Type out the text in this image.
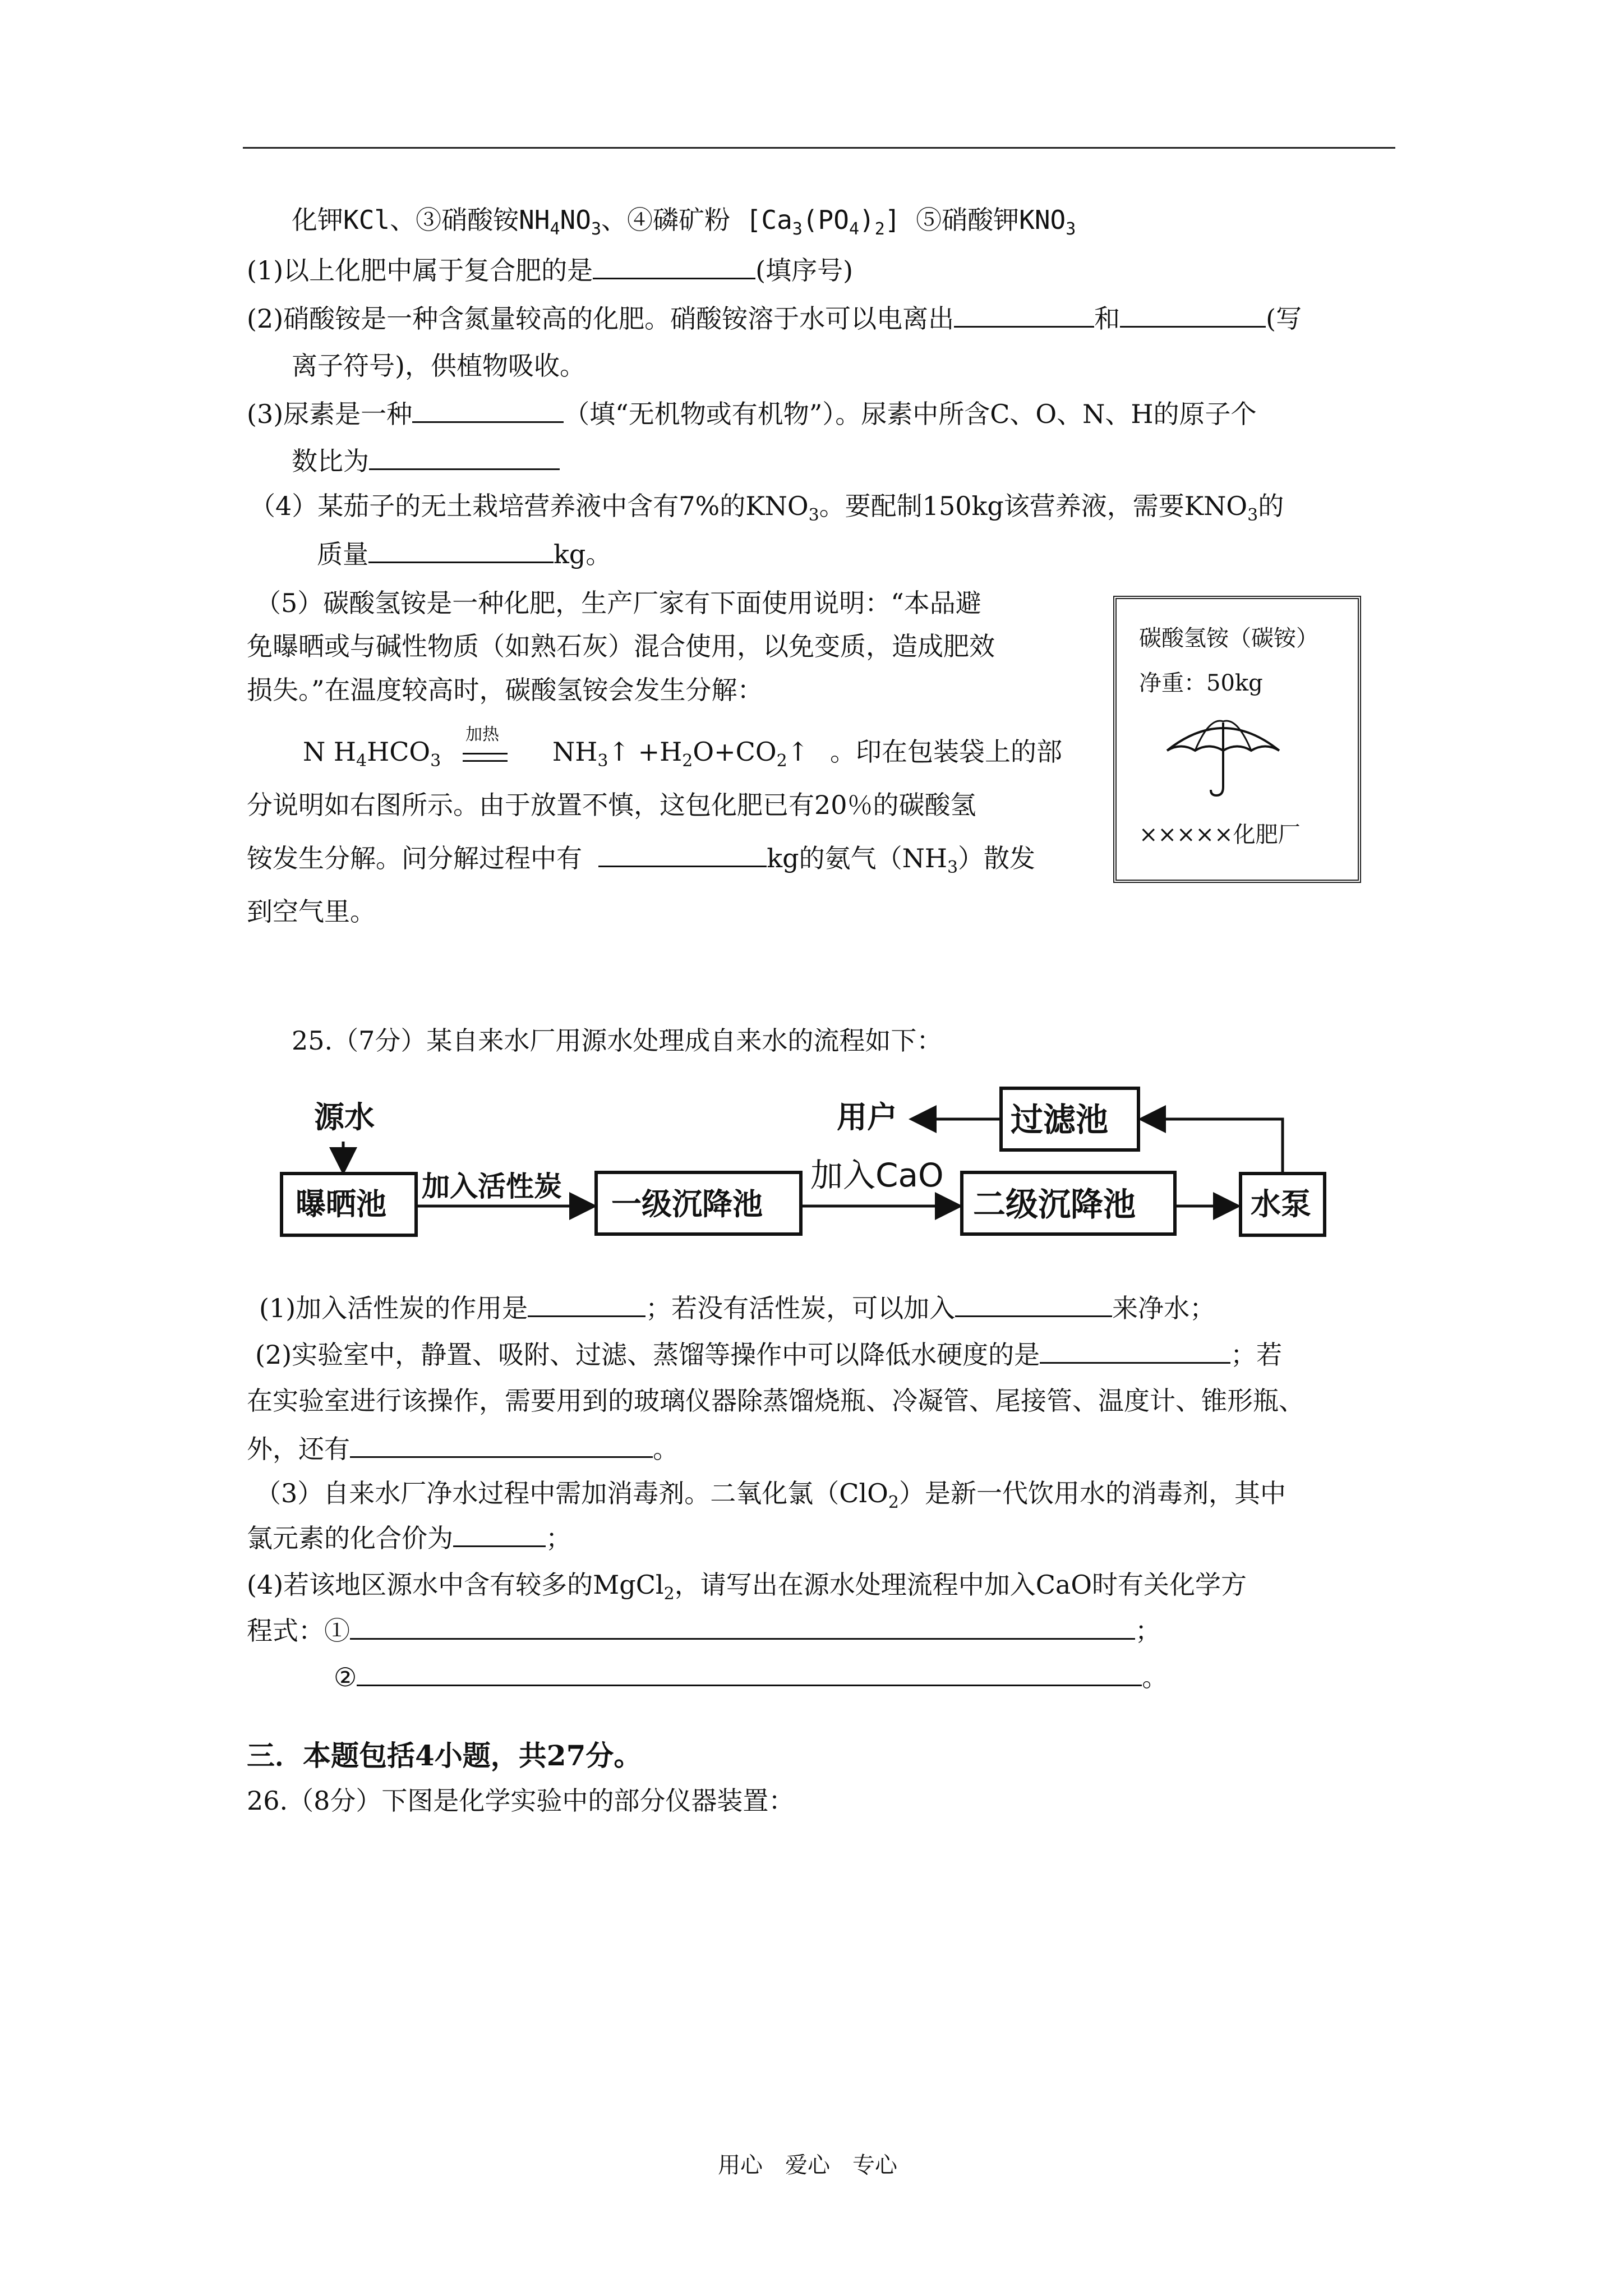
化钾KCl、③硝酸铵$NH_4NO_3$、④磷矿粉 $[Ca_3(PO_4)_2]$ ⑤硝酸钾$KNO_3$
(1)以上化肥中属于复合肥的是	(填序号)
(2)硝酸铵是一种含氮量较高的化肥。硝酸铵溶于水可以电离出	和	(写
离子符号)，供植物吸收。
(3)尿素是一种	（填“无机物或有机物”）。尿素中所含C、O、N、H的原子个
数比为
（4）某茄子的无土栽培营养液中含有7%的$KNO_3$。要配制150kg该营养液，需要$KNO_3$的
质量	kg。
（5）碳酸氢铵是一种化肥，生产厂家有下面使用说明：“本品避
免曝晒或与碱性物质（如熟石灰）混合使用，以免变质，造成肥效
损失。”在温度较高时，碳酸氢铵会发生分解：
N $H_4HCO_3$
加热
$NH_3↑$ $+H_2O+CO_2↑$ 。印在包装袋上的部
分说明如右图所示。由于放置不慎，这包化肥已有20％的碳酸氢
铵发生分解。问分解过程中有	kg的氨气$(NH_3)$散发
到空气里。
碳酸氢铵（碳铵）
净重：50kg
×××××化肥厂
25.（7分）某自来水厂用源水处理成自来水的流程如下：
源水
曝晒池 加入活性炭 一级沉降池
加入CaO
二级沉降池	水泵
过滤池
用户
(1)加入活性炭的作用是	；若没有活性炭，可以加入	来净水；
(2)实验室中，静置、吸附、过滤、蒸馏等操作中可以降低水硬度的是	；若
在实验室进行该操作，需要用到的玻璃仪器除蒸馏烧瓶、冷凝管、尾接管、温度计、锥形瓶、
外，还有	。
（3）自来水厂净水过程中需加消毒剂。二氧化氯（ClO$_2$）是新一代饮用水的消毒剂，其中
氯元素的化合价为	；
(4)若该地区源水中含有较多的MgCl$_2$，请写出在源水处理流程中加入CaO时有关化学方
程式：①	；
②	。
三．本题包括4小题，共27分。
26.（8分）下图是化学实验中的部分仪器装置：
用心　爱心　专心
